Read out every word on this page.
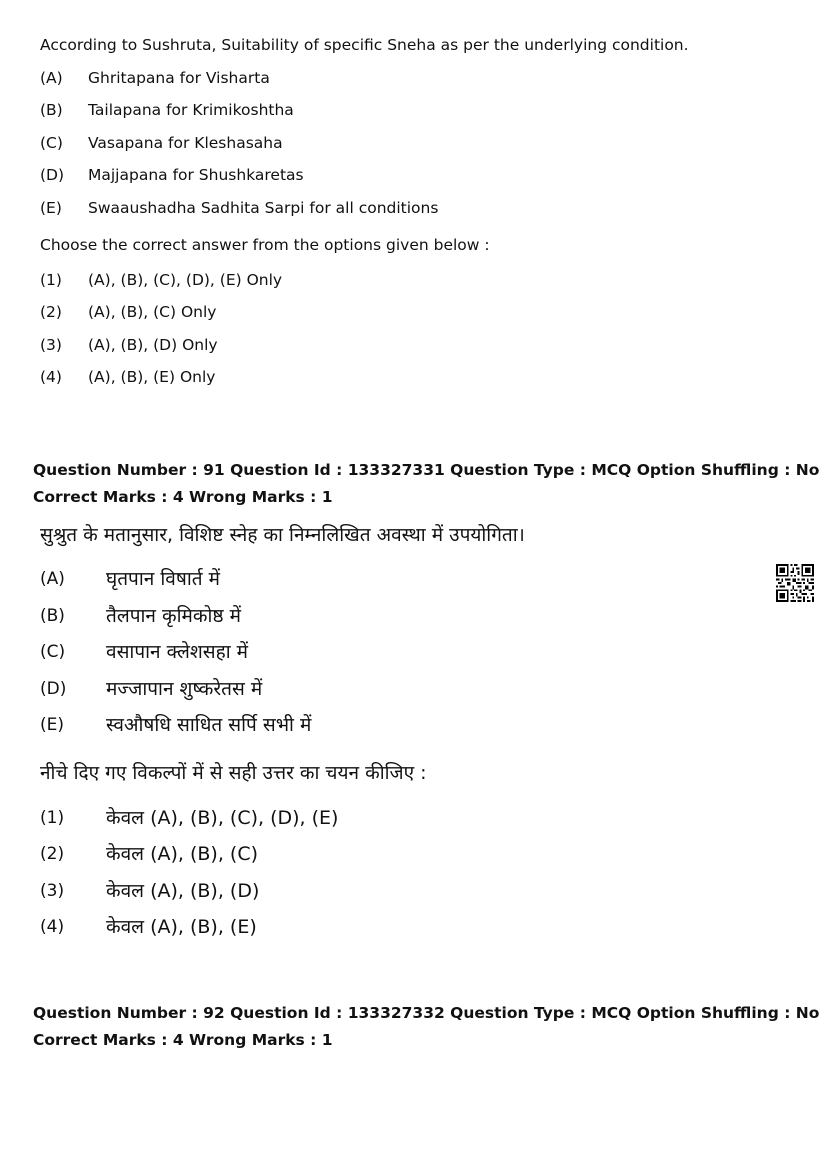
According to Sushruta, Suitability of specific Sneha as per the underlying condition.

(A)	Ghritapana for Visharta
(B)	Tailapana for Krimikoshtha
(C)	Vasapana for Kleshasaha
(D)	Majjapana for Shushkaretas
(E)	Swaaushadha Sadhita Sarpi for all conditions
Choose the correct answer from the options given below :
(1)	(A), (B), (C), (D), (E) Only
(2)	(A), (B), (C) Only
(3)	(A), (B), (D) Only
(4)	(A), (B), (E) Only
Question Number : 91 Question Id : 133327331 Question Type : MCQ Option Shuffling : No
Correct Marks : 4 Wrong Marks : 1

सुश्रुत के मतानुसार, विशिष्ट स्नेह का निम्नलिखित अवस्था में उपयोगिता।

(A)	घृतपान विषार्त में
(B)	तैलपान कृमिकोष्ठ में
(C)	वसापान क्लेशसहा में
(D)	मज्जापान शुष्करेतस में
(E)	स्वऔषधि साधित सर्पि सभी में
नीचे दिए गए विकल्पों में से सही उत्तर का चयन कीजिए :
(1)	केवल (A), (B), (C), (D), (E)
(2)	केवल (A), (B), (C)
(3)	केवल (A), (B), (D)
(4)	केवल (A), (B), (E)
Question Number : 92 Question Id : 133327332 Question Type : MCQ Option Shuffling : No
Correct Marks : 4 Wrong Marks : 1
